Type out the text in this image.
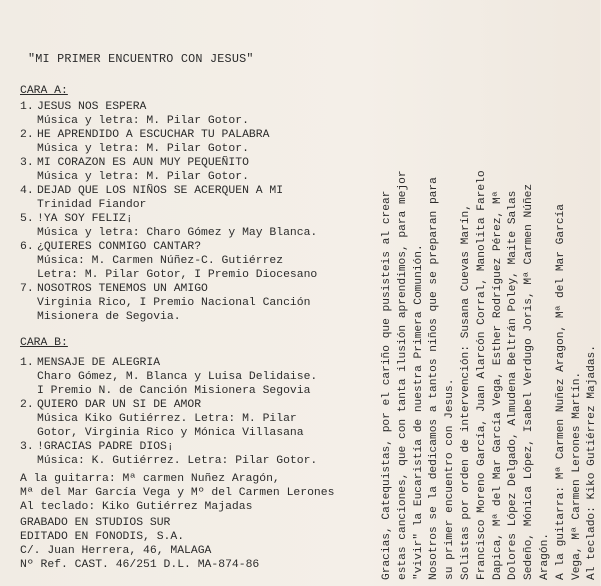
"MI PRIMER ENCUENTRO CON JESUS"
CARA A:
1. JESUS NOS ESPERA
Música y letra: M. Pilar Gotor.
2. HE APRENDIDO A ESCUCHAR TU PALABRA
Música y letra: M. Pilar Gotor.
3. MI CORAZON ES AUN MUY PEQUEÑITO
Música y letra: M. Pilar Gotor.
4. DEJAD QUE LOS NIÑOS SE ACERQUEN A MI
Trinidad Fiandor
5. !YA SOY FELIZ¡
Música y letra: Charo Gómez y May Blanca.
6. ¿QUIERES CONMIGO CANTAR?
Música: M. Carmen Núñez-C. Gutiérrez
Letra: M. Pilar Gotor, I Premio Diocesano
7. NOSOTROS TENEMOS UN AMIGO
Virginia Rico, I Premio Nacional Canción
Misionera de Segovia.
CARA B:
1. MENSAJE DE ALEGRIA
Charo Gómez, M. Blanca y Luisa Delidaise.
I Premio N. de Canción Misionera Segovia
2. QUIERO DAR UN SI DE AMOR
Música Kiko Gutiérrez. Letra: M. Pilar
Gotor, Virginia Rico y Mónica Villasana
3. !GRACIAS PADRE DIOS¡
Música: K. Gutiérrez. Letra: Pilar Gotor.
A la guitarra: Mª carmen Nuñez Aragón,
Mª del Mar García Vega y Mº del Carmen Lerones
Al teclado: Kiko Gutiérrez Majadas
GRABADO EN STUDIOS SUR
EDITADO EN FONODIS, S.A.
C/. Juan Herrera, 46, MALAGA
Nº Ref. CAST. 46/251 D.L. MA-874-86	Gracias, Catequistas, por el cariño que pusisteis al crear estas canciones, que con tanta ilusión aprendimos, para mejor "vivir" la Eucaristía de nuestra Primera Comunión. Nosotros se la dedicamos a tantos niños que se preparan para su primer encuentro con Jesus. Solistas por orden de intervención: Susana Cuevas Marín, Francisco Moreno García, Juan Alarcón Corral, Manolita Farelo Dapica, Mª del Mar García Vega, Esther Rodríguez Pérez, Mª Dolores López Delgado, Almudena Beltrán Poley, Maite Salas Sedeño, Mónica López, Isabel Verdugo Joris, Mª Carmen Núñez Aragón. A la guitarra: Mª Carmen Nuñez Aragon, Mª del Mar García Vega, Mª Carmen Lerones Martín. Al teclado: Kiko Gutiérrez Majadas.
